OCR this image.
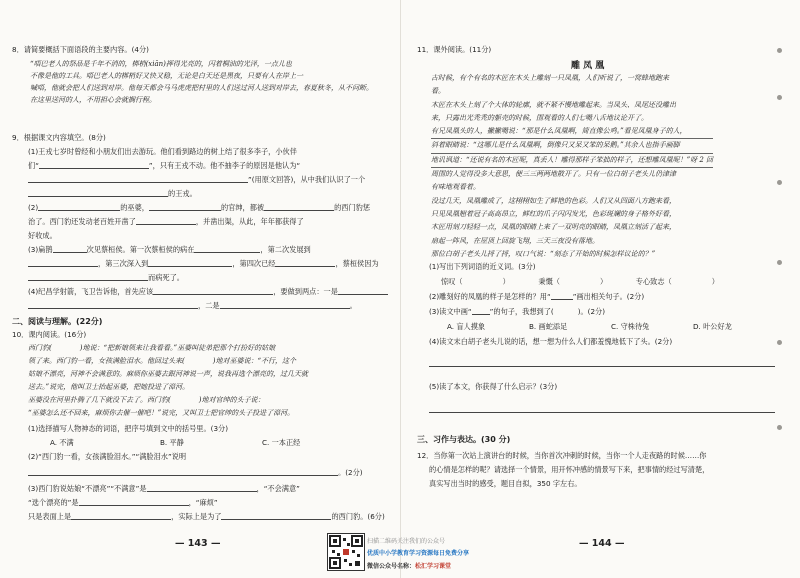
8．请简要概括下面语段的主要内容。(4分)
“唔巴老人的祭品是千年不消的，梆梢(xiān)挥得光亮的，闪着桐油的光泽，一点儿也
不像是他的工具。唔巴老人的梆梢好又快又稳，无论是白天还是黑夜，只要有人在岸上一
喊唔，他就会把人们送到对岸。他每天都会马马虎虎把村里的人们送过河人送到对岸去，春夏秋冬，从不问断。
在这里送河的人，不用担心会就搁行程。
9．根据课文内容填空。(8分)
(1)王戎七岁时曾经和小朋友们出去游玩。他们看到路边的树上结了很多李子，小伙伴
们“	”，只有王戎不动。他不抽李子的原因是他认为“
”(用原文回答)，从中我们认识了一个
的王戎。
(2)	的巫婆，	的官绅，都被	的西门豹惩
治了。西门豹还发动老百姓开凿了	，并凿出渠，从此，年年都获得了
好收成。
(3)扁鹊	次见蔡桓侯。第一次蔡桓侯的病在	，第二次发展到
，第三次深入到	，第四次已经	，蔡桓侯因为
而病死了。
(4)纪昌学射箭，飞卫告诉他，首先应该	，要做到两点：一是
，二是	。
二、阅读与理解。(22分)
10．课内阅读。(16分)
西门豹(	)地说：“把新娘领来让我看看。”巫婆叫徒弟把那个打扮好的姑娘
领了来。西门豹一看，女孩满脸泪水。他回过头来(	)地对巫婆说：“不行，这个
姑娘不漂亮，河神不会满意的。麻烦你巫婆去跟河神说一声，说我再选个漂亮的，过几天就
送去。”说完，他叫卫士抬起巫婆，把她投进了漳河。
巫婆没在河里扑腾了几下就没下去了。西门豹(	)地对官绅的头子说：
“巫婆怎么还不回来，麻烦你去催一催吧！”说完，又叫卫士把官绅的头子投进了漳河。
(1)选择描写人物神态的词语，把序号填到文中的括号里。(3分)
A. 不满	B. 平静	C. 一本正经
(2)“西门豹一看，女孩满脸泪水。”“满脸泪水”说明
。(2分)
(3)西门豹说姑娘“不漂亮”“不满意”是	，“不会满意”
“选个漂亮的”是	，“麻烦”
只是表面上是	，实际上是为了	的西门豹。(6分)
— 143 —
11．课外阅读。(11分)
雕 凤 凰
古时候，有个有名的木匠在木头上雕刻一只凤凰，人们听说了，一窝蜂地跑来
看。
木匠在木头上刻了个大体的轮廓，就不紧不慢地雕起来。当凤头、凤尾还没雕出
来，只露出光秃秃的躯壳的时候，围观看的人们七嘴八舌地议论开了。
有兄凤凰头的人，撇撇嘴说：“那是什么凤凰啊，简直像公鸡。”看见凤凰身子的人，
斜着眼睛说：“这哪儿是什么凤凰啊，倒像只又呆又笨的呆鹅。”其余人也指手画脚
地讥讽道：“还说有名的木匠呢，真丢人！雕得那样子笨拙的样子，还想雕凤凰呢！”呀 2 回
周围的人觉得没多大意思，便三三两两地散开了。只有一位白胡子老头儿仍津津
有味地观看着。
没过几天，凤凰雕成了，这栩栩如生了鲜艳的色彩。人们又从四面八方跑来看，
只见凤凰翘着冠子高高昂立，鲜红的爪子闪闪发光，色彩斑斓的身子格外好看，
木匠用刻刀轻轻一点，凤凰的眼睛上来了一双明亮的眼睛，凤凰立刻活了起来，
扇起一阵风，在屋顶上回旋飞翔，三天三夜没有落地。
那位白胡子老头儿捋了捋，叹口气说：“刻态了开始的时候怎样议论的？”
(1)写出下列词语的近义词。(3分)
惊叹（	）	秉慨（	）	专心致志（	）
(2)雕刻好的凤凰的样子是怎样的？用“	”画出相关句子。(2分)
(3)读文中画“	”的句子，我想到了(	)。(2分)
A. 盲人摸象	B. 画蛇添足	C. 守株待兔	D. 叶公好龙
(4)读文末白胡子老头儿说的话，想一想为什么人们都羞愧地低下了头。(2分)
(5)读了本文，你获得了什么启示？(3分)
三、习作与表达。(30 分)
12．当你第一次站上演讲台的时候，当你首次冲刺的时候，当你一个人走夜路的时候……你
的心情是怎样的呢？请选择一个情景，用开怀冲感的情景写下来，把事情的经过写清楚，
真实写出当时的感受，题目自拟，350 字左右。
— 144 —
扫描二维码关注我们的公众号
优质中小学教育学习资源每日免费分享
微信公众号名称：松汇学习课堂
